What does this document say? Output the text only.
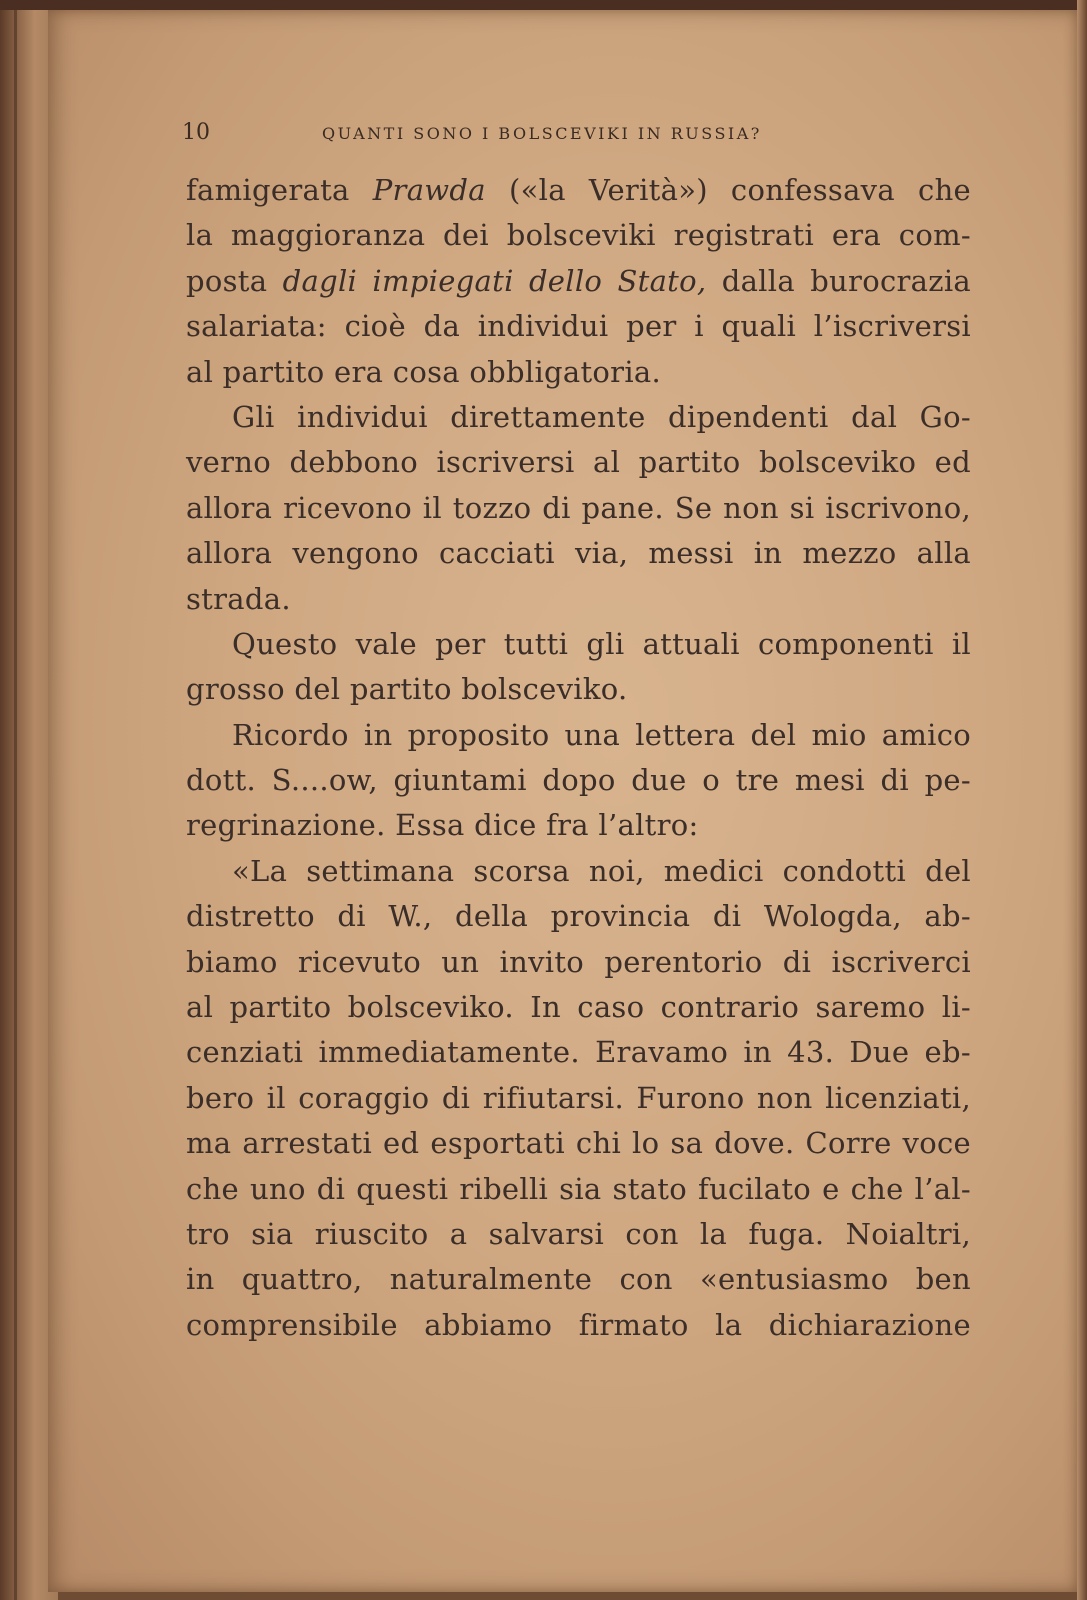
10	QUANTI SONO I BOLSCEVIKI IN RUSSIA?
famigerata Prawda («la Verità») confessava che
la maggioranza dei bolsceviki registrati era com-
posta dagli impiegati dello Stato, dalla burocrazia
salariata: cioè da individui per i quali l’iscriversi
al partito era cosa obbligatoria.
Gli individui direttamente dipendenti dal Go-
verno debbono iscriversi al partito bolsceviko ed
allora ricevono il tozzo di pane. Se non si iscrivono,
allora vengono cacciati via, messi in mezzo alla
strada.
Questo vale per tutti gli attuali componenti il
grosso del partito bolsceviko.
Ricordo in proposito una lettera del mio amico
dott. S....ow, giuntami dopo due o tre mesi di pe-
regrinazione. Essa dice fra l’altro:
«La settimana scorsa noi, medici condotti del
distretto di W., della provincia di Wologda, ab-
biamo ricevuto un invito perentorio di iscriverci
al partito bolsceviko. In caso contrario saremo li-
cenziati immediatamente. Eravamo in 43. Due eb-
bero il coraggio di rifiutarsi. Furono non licenziati,
ma arrestati ed esportati chi lo sa dove. Corre voce
che uno di questi ribelli sia stato fucilato e che l’al-
tro sia riuscito a salvarsi con la fuga. Noialtri,
in quattro, naturalmente con «entusiasmo ben
comprensibile abbiamo firmato la dichiarazione
